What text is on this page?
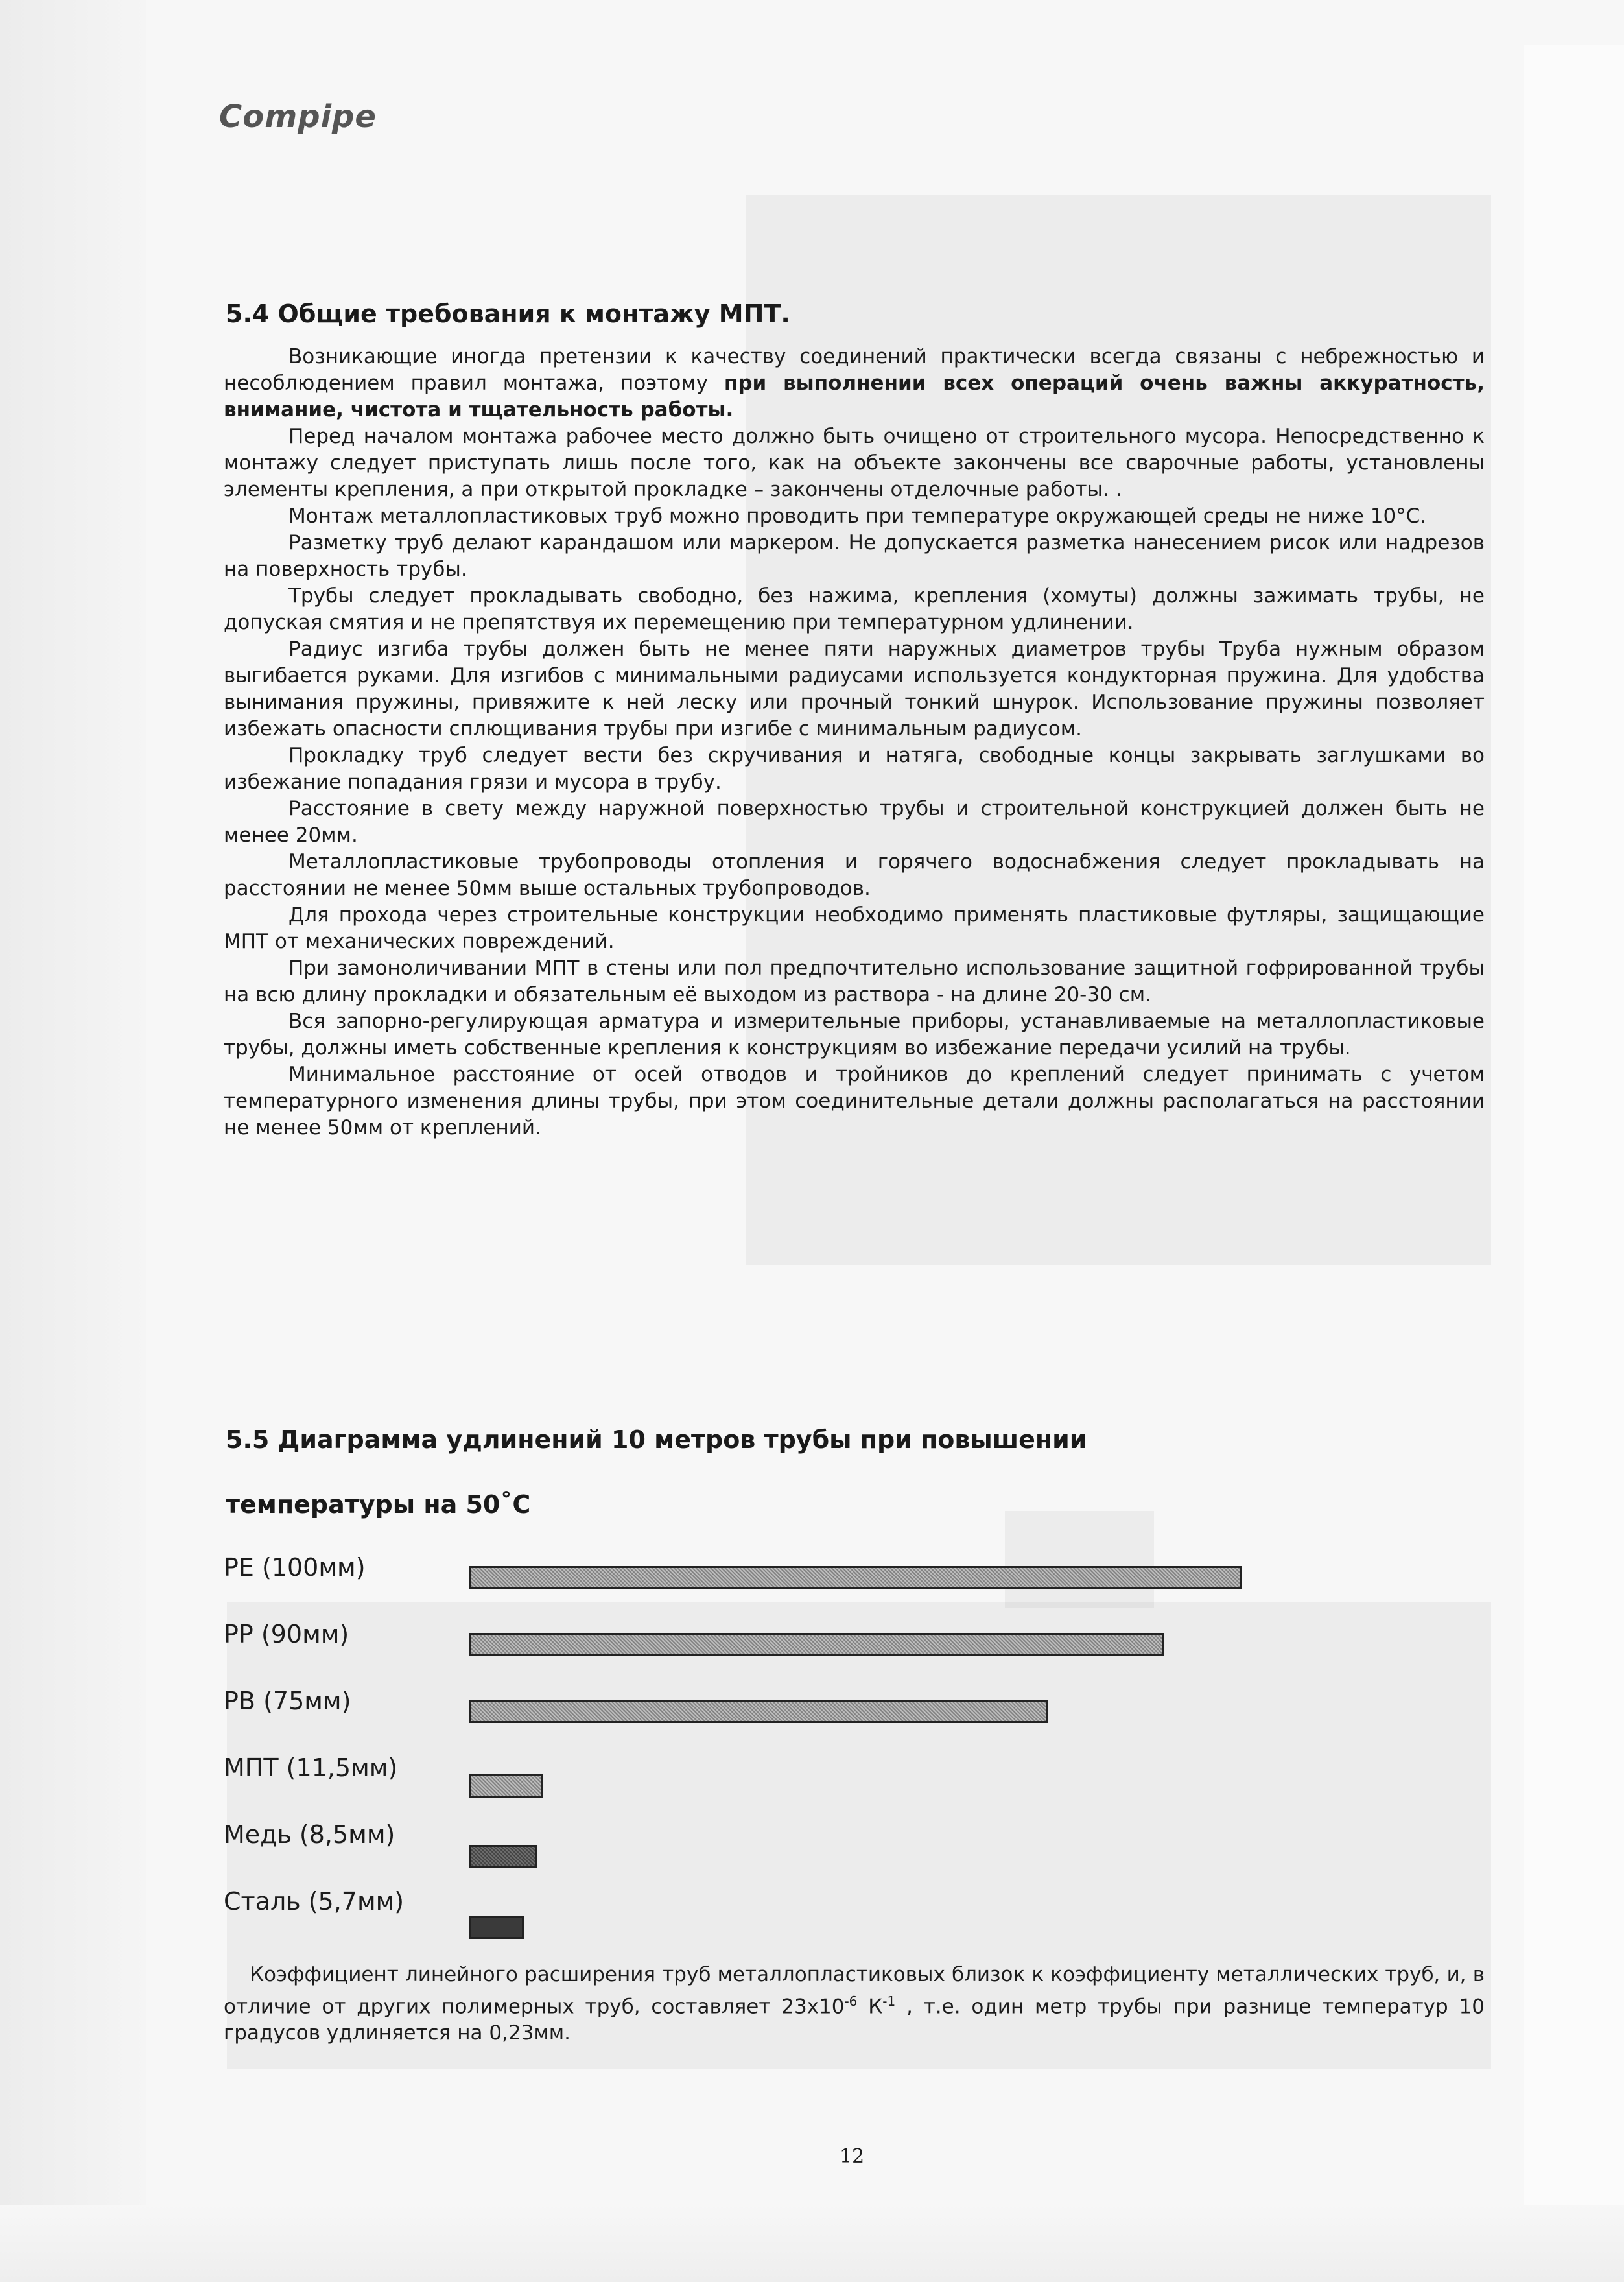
Compipe
5.4 Общие требования к монтажу МПТ.

Возникающие иногда претензии к качеству соединений практически всегда связаны с небрежностью и несоблюдением правил монтажа, поэтому при выполнении всех операций очень важны аккуратность, внимание, чистота и тщательность работы.

Перед началом монтажа рабочее место должно быть очищено от строительного мусора. Непосредственно к монтажу следует приступать лишь после того, как на объекте закончены все сварочные работы, установлены элементы крепления, а при открытой прокладке – закончены отделочные работы. .

Монтаж металлопластиковых труб можно проводить при температуре окружающей среды не ниже 10°С.

Разметку труб делают карандашом или маркером. Не допускается разметка нанесением рисок или надрезов на поверхность трубы.

Трубы следует прокладывать свободно, без нажима, крепления (хомуты) должны зажимать трубы, не допуская смятия и не препятствуя их перемещению при температурном удлинении.

Радиус изгиба трубы должен быть не менее пяти наружных диаметров трубы Труба нужным образом выгибается руками. Для изгибов с минимальными радиусами используется кондукторная пружина. Для удобства вынимания пружины, привяжите к ней леску или прочный тонкий шнурок. Использование пружины позволяет избежать опасности сплющивания трубы при изгибе с минимальным радиусом.

Прокладку труб следует вести без скручивания и натяга, свободные концы закрывать заглушками во избежание попадания грязи и мусора в трубу.

Расстояние в свету между наружной поверхностью трубы и строительной конструкцией должен быть не менее 20мм.

Металлопластиковые трубопроводы отопления и горячего водоснабжения следует прокладывать на расстоянии не менее 50мм выше остальных трубопроводов.

Для прохода через строительные конструкции необходимо применять пластиковые футляры, защищающие МПТ от механических повреждений.

При замоноличивании МПТ в стены или пол предпочтительно использование защитной гофрированной трубы на всю длину прокладки и обязательным её выходом из раствора - на длине 20-30 см.

Вся запорно-регулирующая арматура и измерительные приборы, устанавливаемые на металлопластиковые трубы, должны иметь собственные крепления к конструкциям во избежание передачи усилий на трубы.

Минимальное расстояние от осей отводов и тройников до креплений следует принимать с учетом температурного изменения длины трубы, при этом соединительные детали должны располагаться на расстоянии не менее 50мм от креплений.

5.5 Диаграмма удлинений 10 метров трубы при повышении
температуры на 50˚С
PE (100мм)
PP (90мм)
PB (75мм)
МПТ (11,5мм)
Медь (8,5мм)
Сталь (5,7мм)
Коэффициент линейного расширения труб металлопластиковых близок к коэффициенту металлических труб, и, в отличие от других полимерных труб, составляет $23х10^{-6}$ $К^{-1}$ , т.е. один метр трубы при разнице температур 10 градусов удлиняется на 0,23мм.
12
